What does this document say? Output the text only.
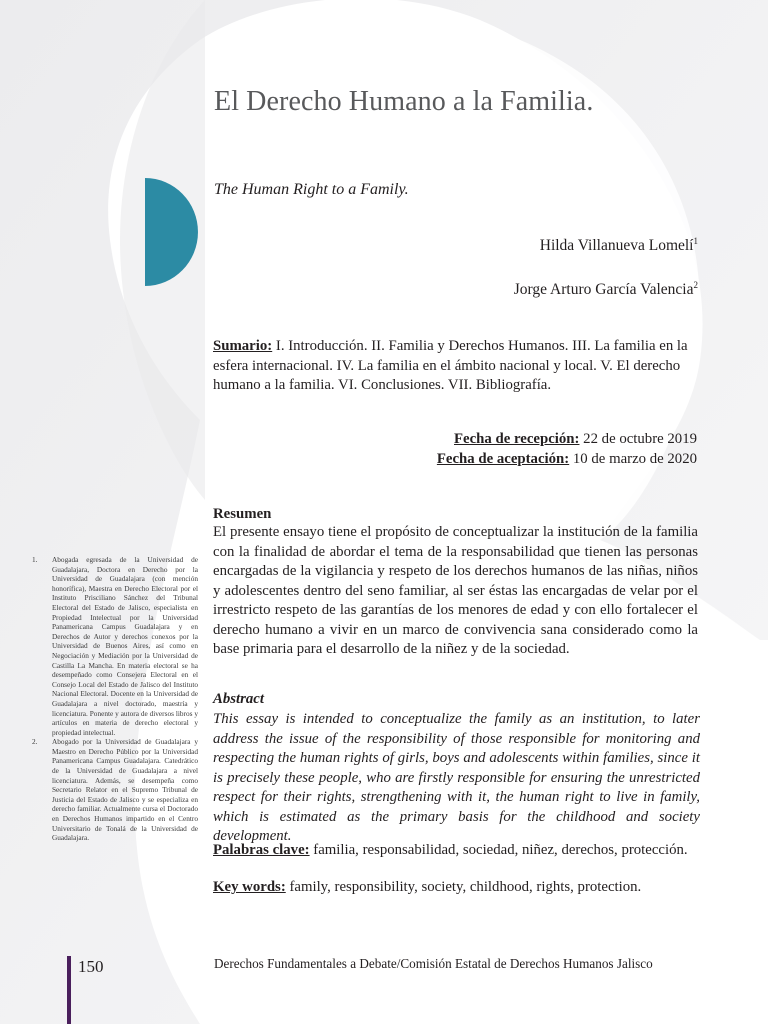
El Derecho Humano a la Familia.

The Human Right to a Family.

Hilda Villanueva Lomelí$^1$

Jorge Arturo García Valencia$^2$

Sumario: I. Introducción. II. Familia y Derechos Humanos. III. La familia en la esfera internacional. IV. La familia en el ámbito nacional y local. V. El derecho humano a la familia. VI. Conclusiones. VII. Bibliografía.

Fecha de recepción: 22 de octubre 2019
Fecha de aceptación: 10 de marzo de 2020
Resumen

El presente ensayo tiene el propósito de conceptualizar la institución de la familia con la finalidad de abordar el tema de la responsabilidad que tienen las personas encargadas de la vigilancia y respeto de los derechos humanos de las niñas, niños y adolescentes dentro del seno familiar, al ser éstas las encargadas de velar por el irrestricto respeto de las garantías de los menores de edad y con ello fortalecer el derecho humano a vivir en un marco de convivencia sana considerado como la base primaria para el desarrollo de la niñez y de la sociedad.

Abstract

This essay is intended to conceptualize the family as an institution, to later address the issue of the responsibility of those responsible for monitoring and respecting the human rights of girls, boys and adolescents within families, since it is precisely these people, who are firstly responsible for ensuring the unrestricted respect for their rights, strengthening with it, the human right to live in family, which is estimated as the primary basis for the childhood and society development.

Palabras clave: familia, responsabilidad, sociedad, niñez, derechos, protección.

Key words: family, responsibility, society, childhood, rights, protection.

1.	Abogada egresada de la Universidad de Guadalajara, Doctora en Derecho por la Universidad de Guadalajara (con mención honorífica), Maestra en Derecho Electoral por el Instituto Prisciliano Sánchez del Tribunal Electoral del Estado de Jalisco, especialista en Propiedad Intelectual por la Universidad Panamericana Campus Guadalajara y en Derechos de Autor y derechos conexos por la Universidad de Buenos Aires, así como en Negociación y Mediación por la Universidad de Castilla La Mancha. En materia electoral se ha desempeñado como Consejera Electoral en el Consejo Local del Estado de Jalisco del Instituto Nacional Electoral. Docente en la Universidad de Guadalajara a nivel doctorado, maestría y licenciatura. Ponente y autora de diversos libros y artículos en materia de derecho electoral y propiedad intelectual.
2.	Abogado por la Universidad de Guadalajara y Maestro en Derecho Público por la Universidad Panamericana Campus Guadalajara. Catedrático de la Universidad de Guadalajara a nivel licenciatura. Además, se desempeña como Secretario Relator en el Supremo Tribunal de Justicia del Estado de Jalisco y se especializa en derecho familiar. Actualmente cursa el Doctorado en Derechos Humanos impartido en el Centro Universitario de Tonalá de la Universidad de Guadalajara.
150	Derechos Fundamentales a Debate/Comisión Estatal de Derechos Humanos Jalisco
